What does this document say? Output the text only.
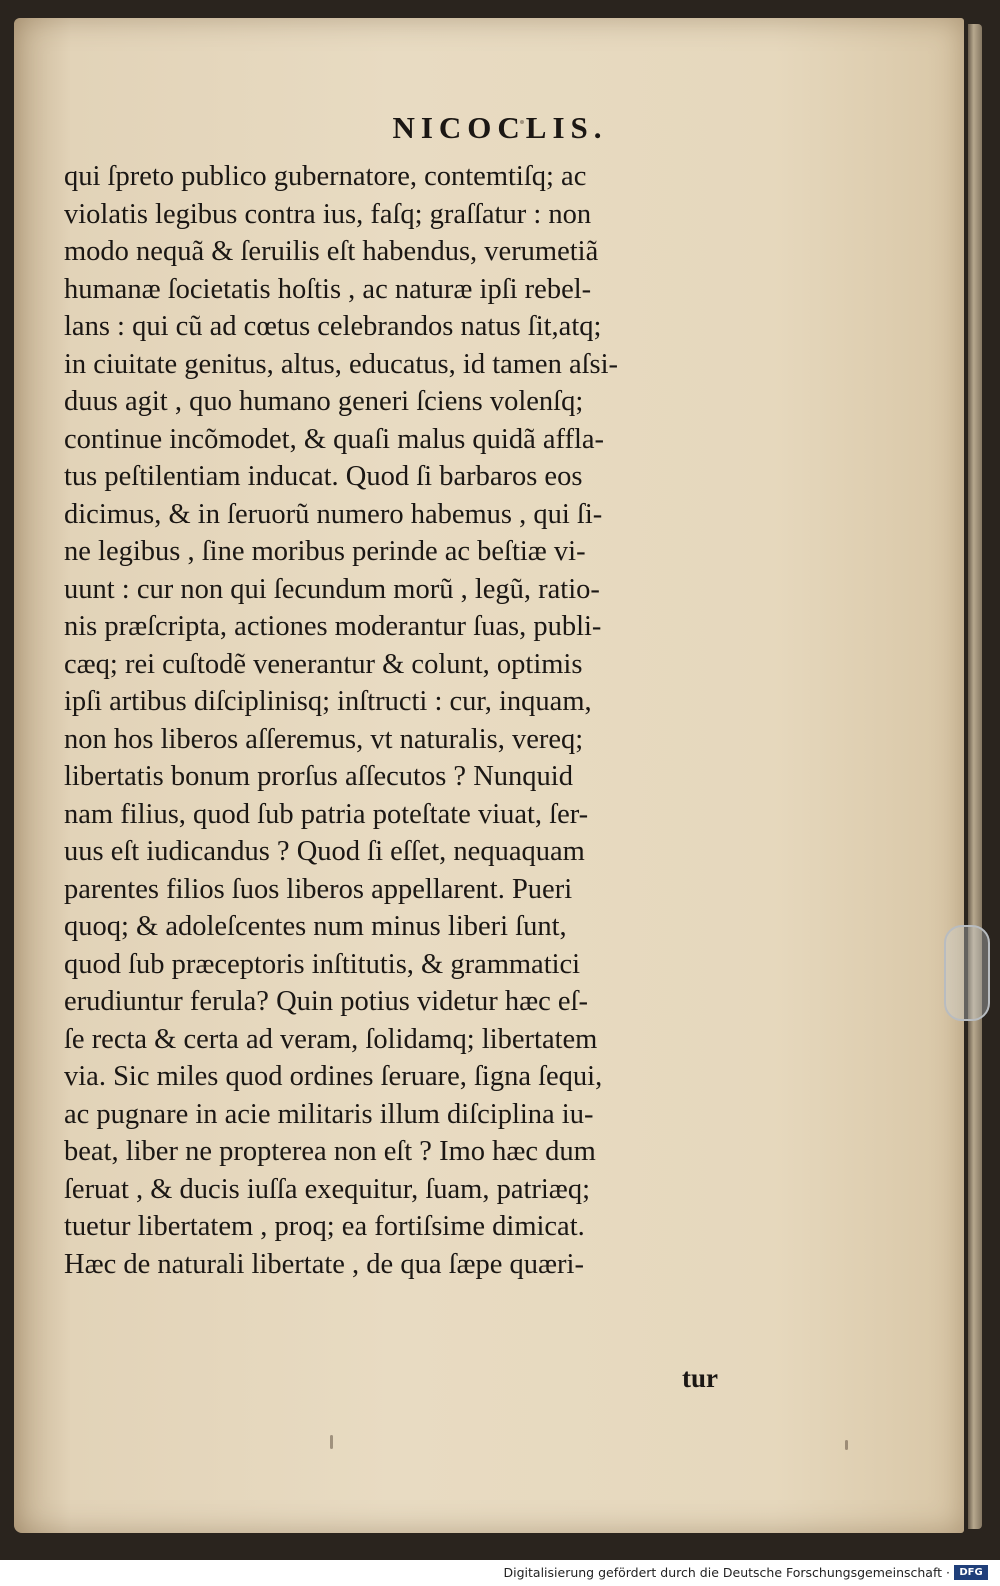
NICOCLIS.
qui ſpreto publico gubernatore, contemtiſq; ac
violatis legibus contra ius, faſq; graſſatur : non
modo nequã & ſeruilis eſt habendus, verumetiã
humanæ ſocietatis hoſtis , ac naturæ ipſi rebel-
lans : qui cũ ad cœtus celebrandos natus ſit,atq;
in ciuitate genitus, altus, educatus, id tamen aſsi-
duus agit , quo humano generi ſciens volenſq;
continue incõmodet, & quaſi malus quidã affla-
tus peſtilentiam inducat. Quod ſi barbaros eos
dicimus, & in ſeruorũ numero habemus , qui ſi-
ne legibus , ſine moribus perinde ac beſtiæ vi-
uunt : cur non qui ſecundum morũ , legũ, ratio-
nis præſcripta, actiones moderantur ſuas, publi-
cæq; rei cuſtodẽ venerantur & colunt, optimis
ipſi artibus diſciplinisq; inſtructi : cur, inquam,
non hos liberos aſſeremus, vt naturalis, vereq;
libertatis bonum prorſus aſſecutos ? Nunquid
nam filius, quod ſub patria poteſtate viuat, ſer-
uus eſt iudicandus ? Quod ſi eſſet, nequaquam
parentes filios ſuos liberos appellarent. Pueri
quoq; & adoleſcentes num minus liberi ſunt,
quod ſub præceptoris inſtitutis, & grammatici
erudiuntur ferula? Quin potius videtur hæc eſ-
ſe recta & certa ad veram, ſolidamq; libertatem
via. Sic miles quod ordines ſeruare, ſigna ſequi,
ac pugnare in acie militaris illum diſciplina iu-
beat, liber ne propterea non eſt ? Imo hæc dum
ſeruat , & ducis iuſſa exequitur, ſuam, patriæq;
tuetur libertatem , proq; ea fortiſsime dimicat.
Hæc de naturali libertate , de qua ſæpe quæri-
tur
Digitalisierung gefördert durch die Deutsche Forschungsgemeinschaft · DFG
